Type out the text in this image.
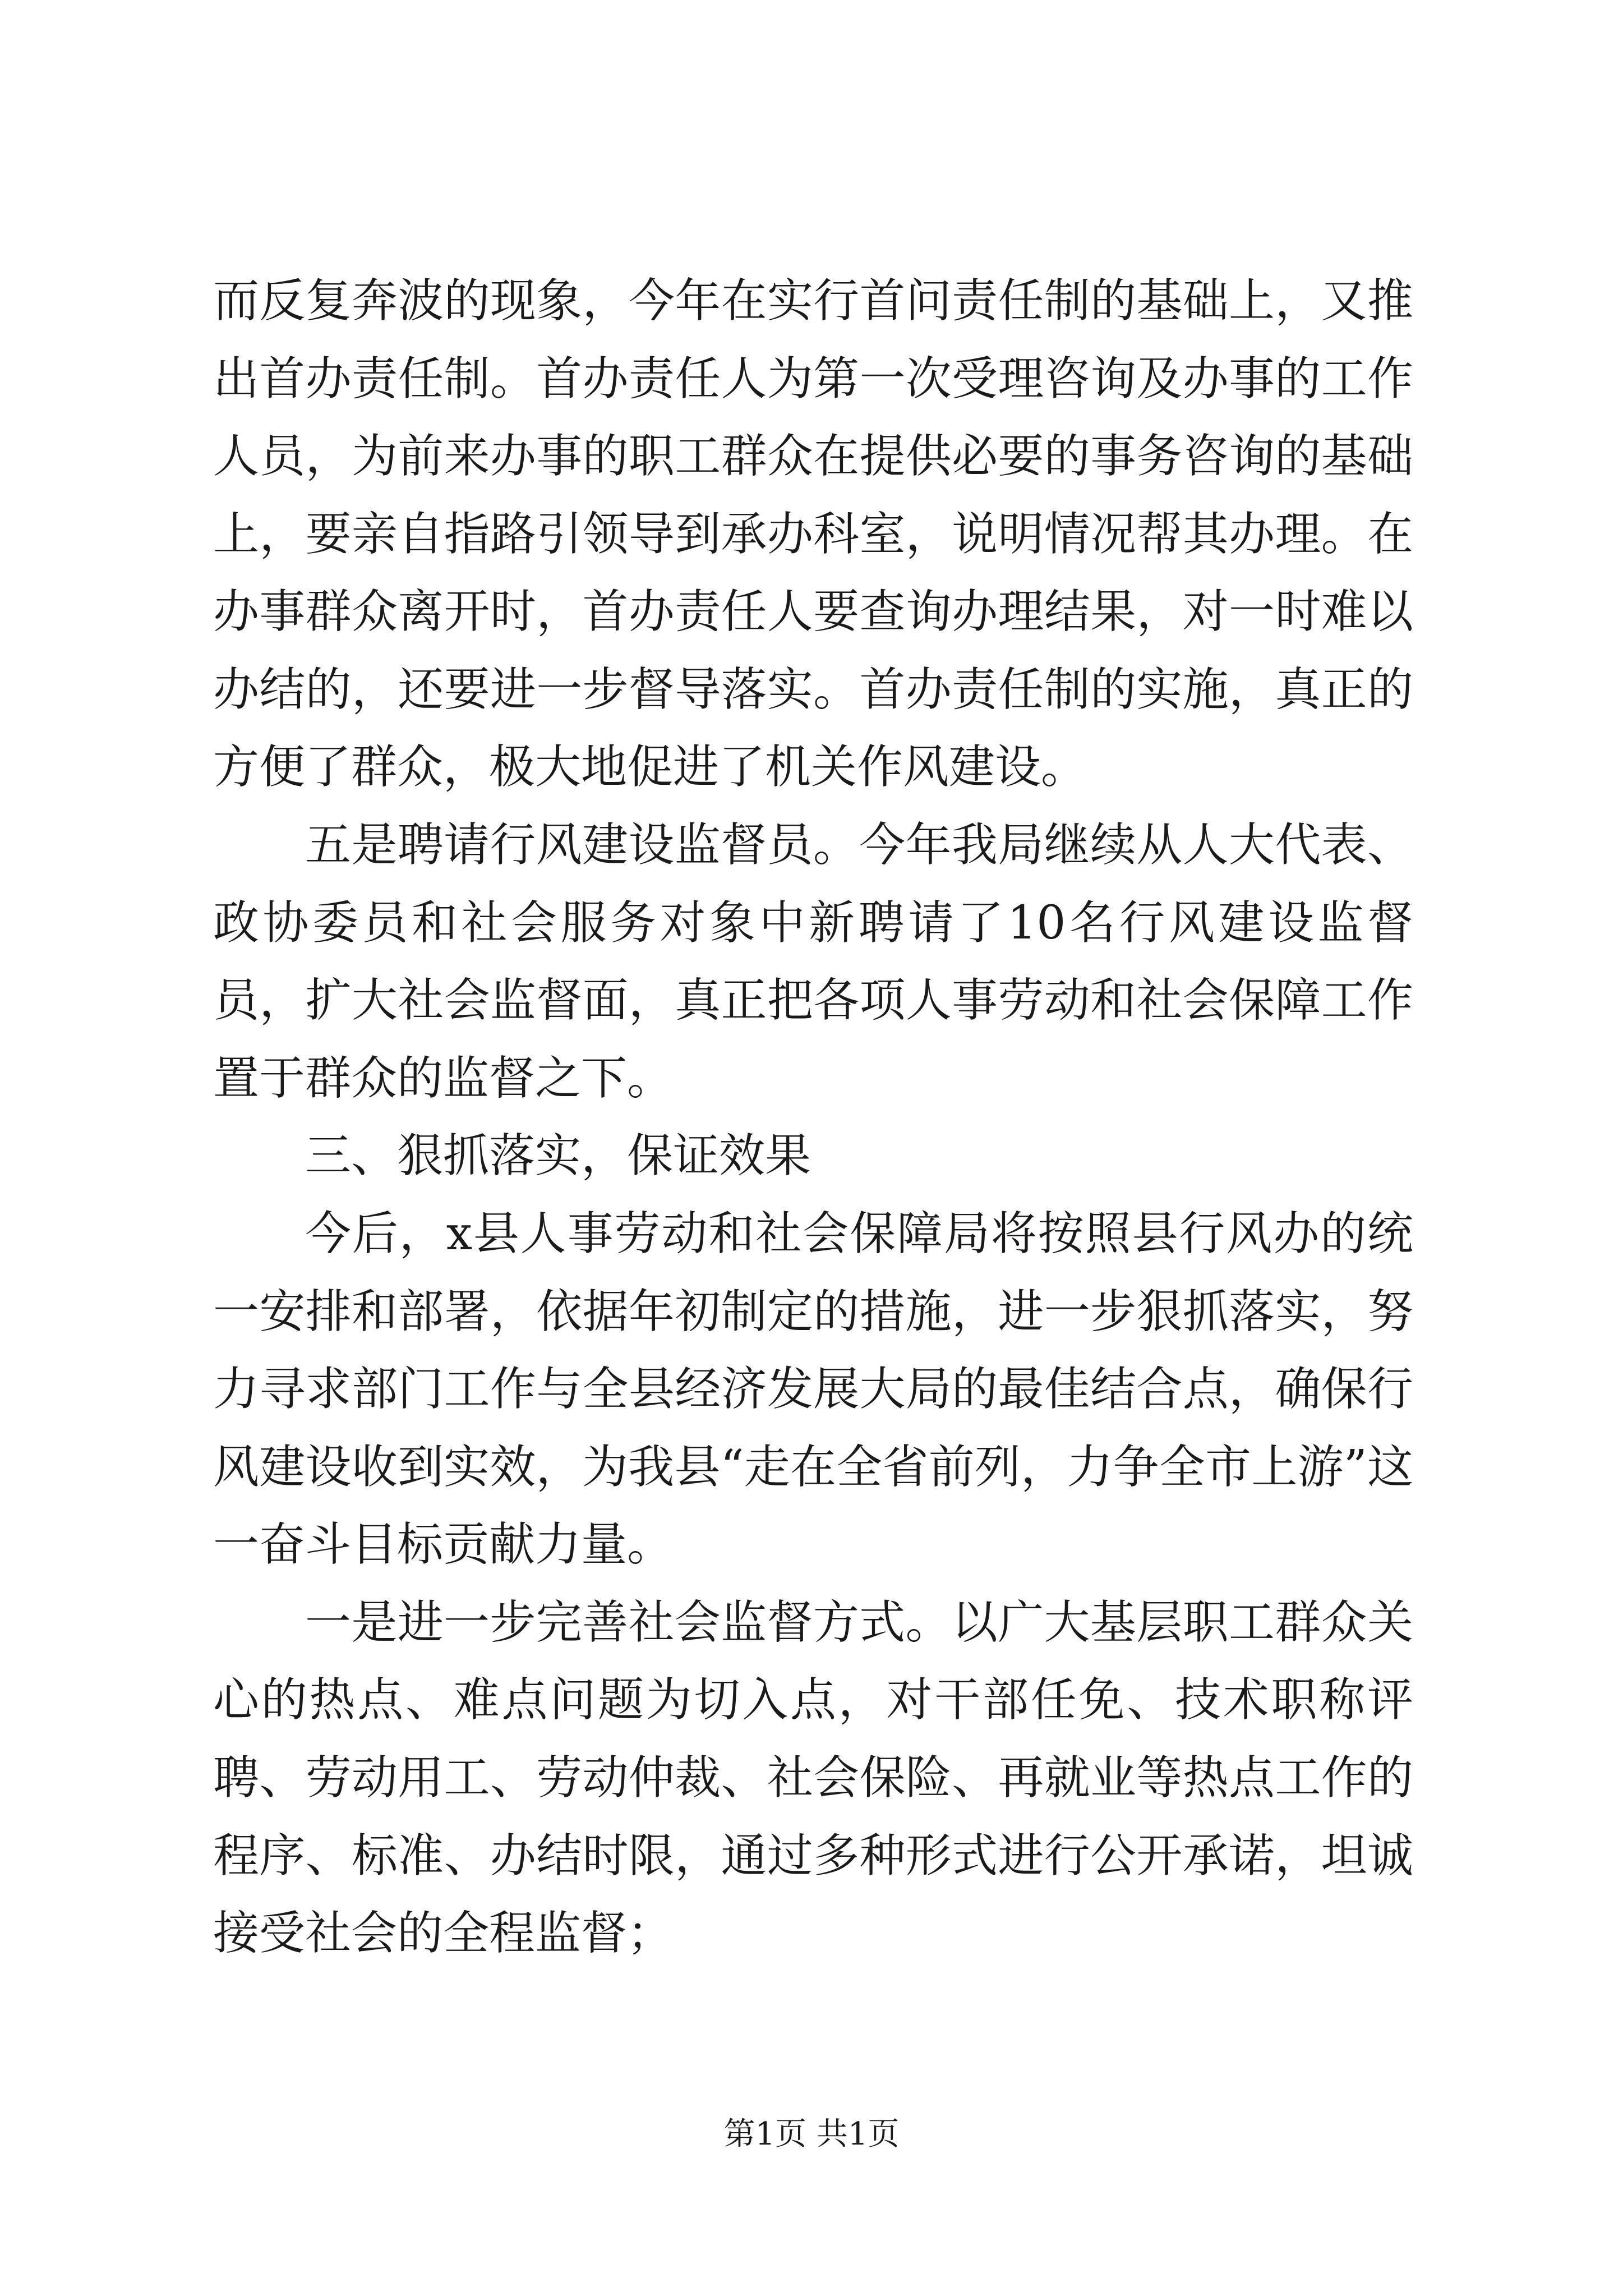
而反复奔波的现象，今年在实行首问责任制的基础上，又推出首办责任制。首办责任人为第一次受理咨询及办事的工作人员，为前来办事的职工群众在提供必要的事务咨询的基础上，要亲自指路引领导到承办科室，说明情况帮其办理。在办事群众离开时，首办责任人要查询办理结果，对一时难以办结的，还要进一步督导落实。首办责任制的实施，真正的方便了群众，极大地促进了机关作风建设。

五是聘请行风建设监督员。今年我局继续从人大代表、政协委员和社会服务对象中新聘请了10名行风建设监督员，扩大社会监督面，真正把各项人事劳动和社会保障工作置于群众的监督之下。

三、狠抓落实，保证效果

今后，x县人事劳动和社会保障局将按照县行风办的统一安排和部署，依据年初制定的措施，进一步狠抓落实，努力寻求部门工作与全县经济发展大局的最佳结合点，确保行风建设收到实效，为我县“走在全省前列，力争全市上游”这一奋斗目标贡献力量。

一是进一步完善社会监督方式。以广大基层职工群众关心的热点、难点问题为切入点，对干部任免、技术职称评聘、劳动用工、劳动仲裁、社会保险、再就业等热点工作的程序、标准、办结时限，通过多种形式进行公开承诺，坦诚接受社会的全程监督；

第1页 共1页
